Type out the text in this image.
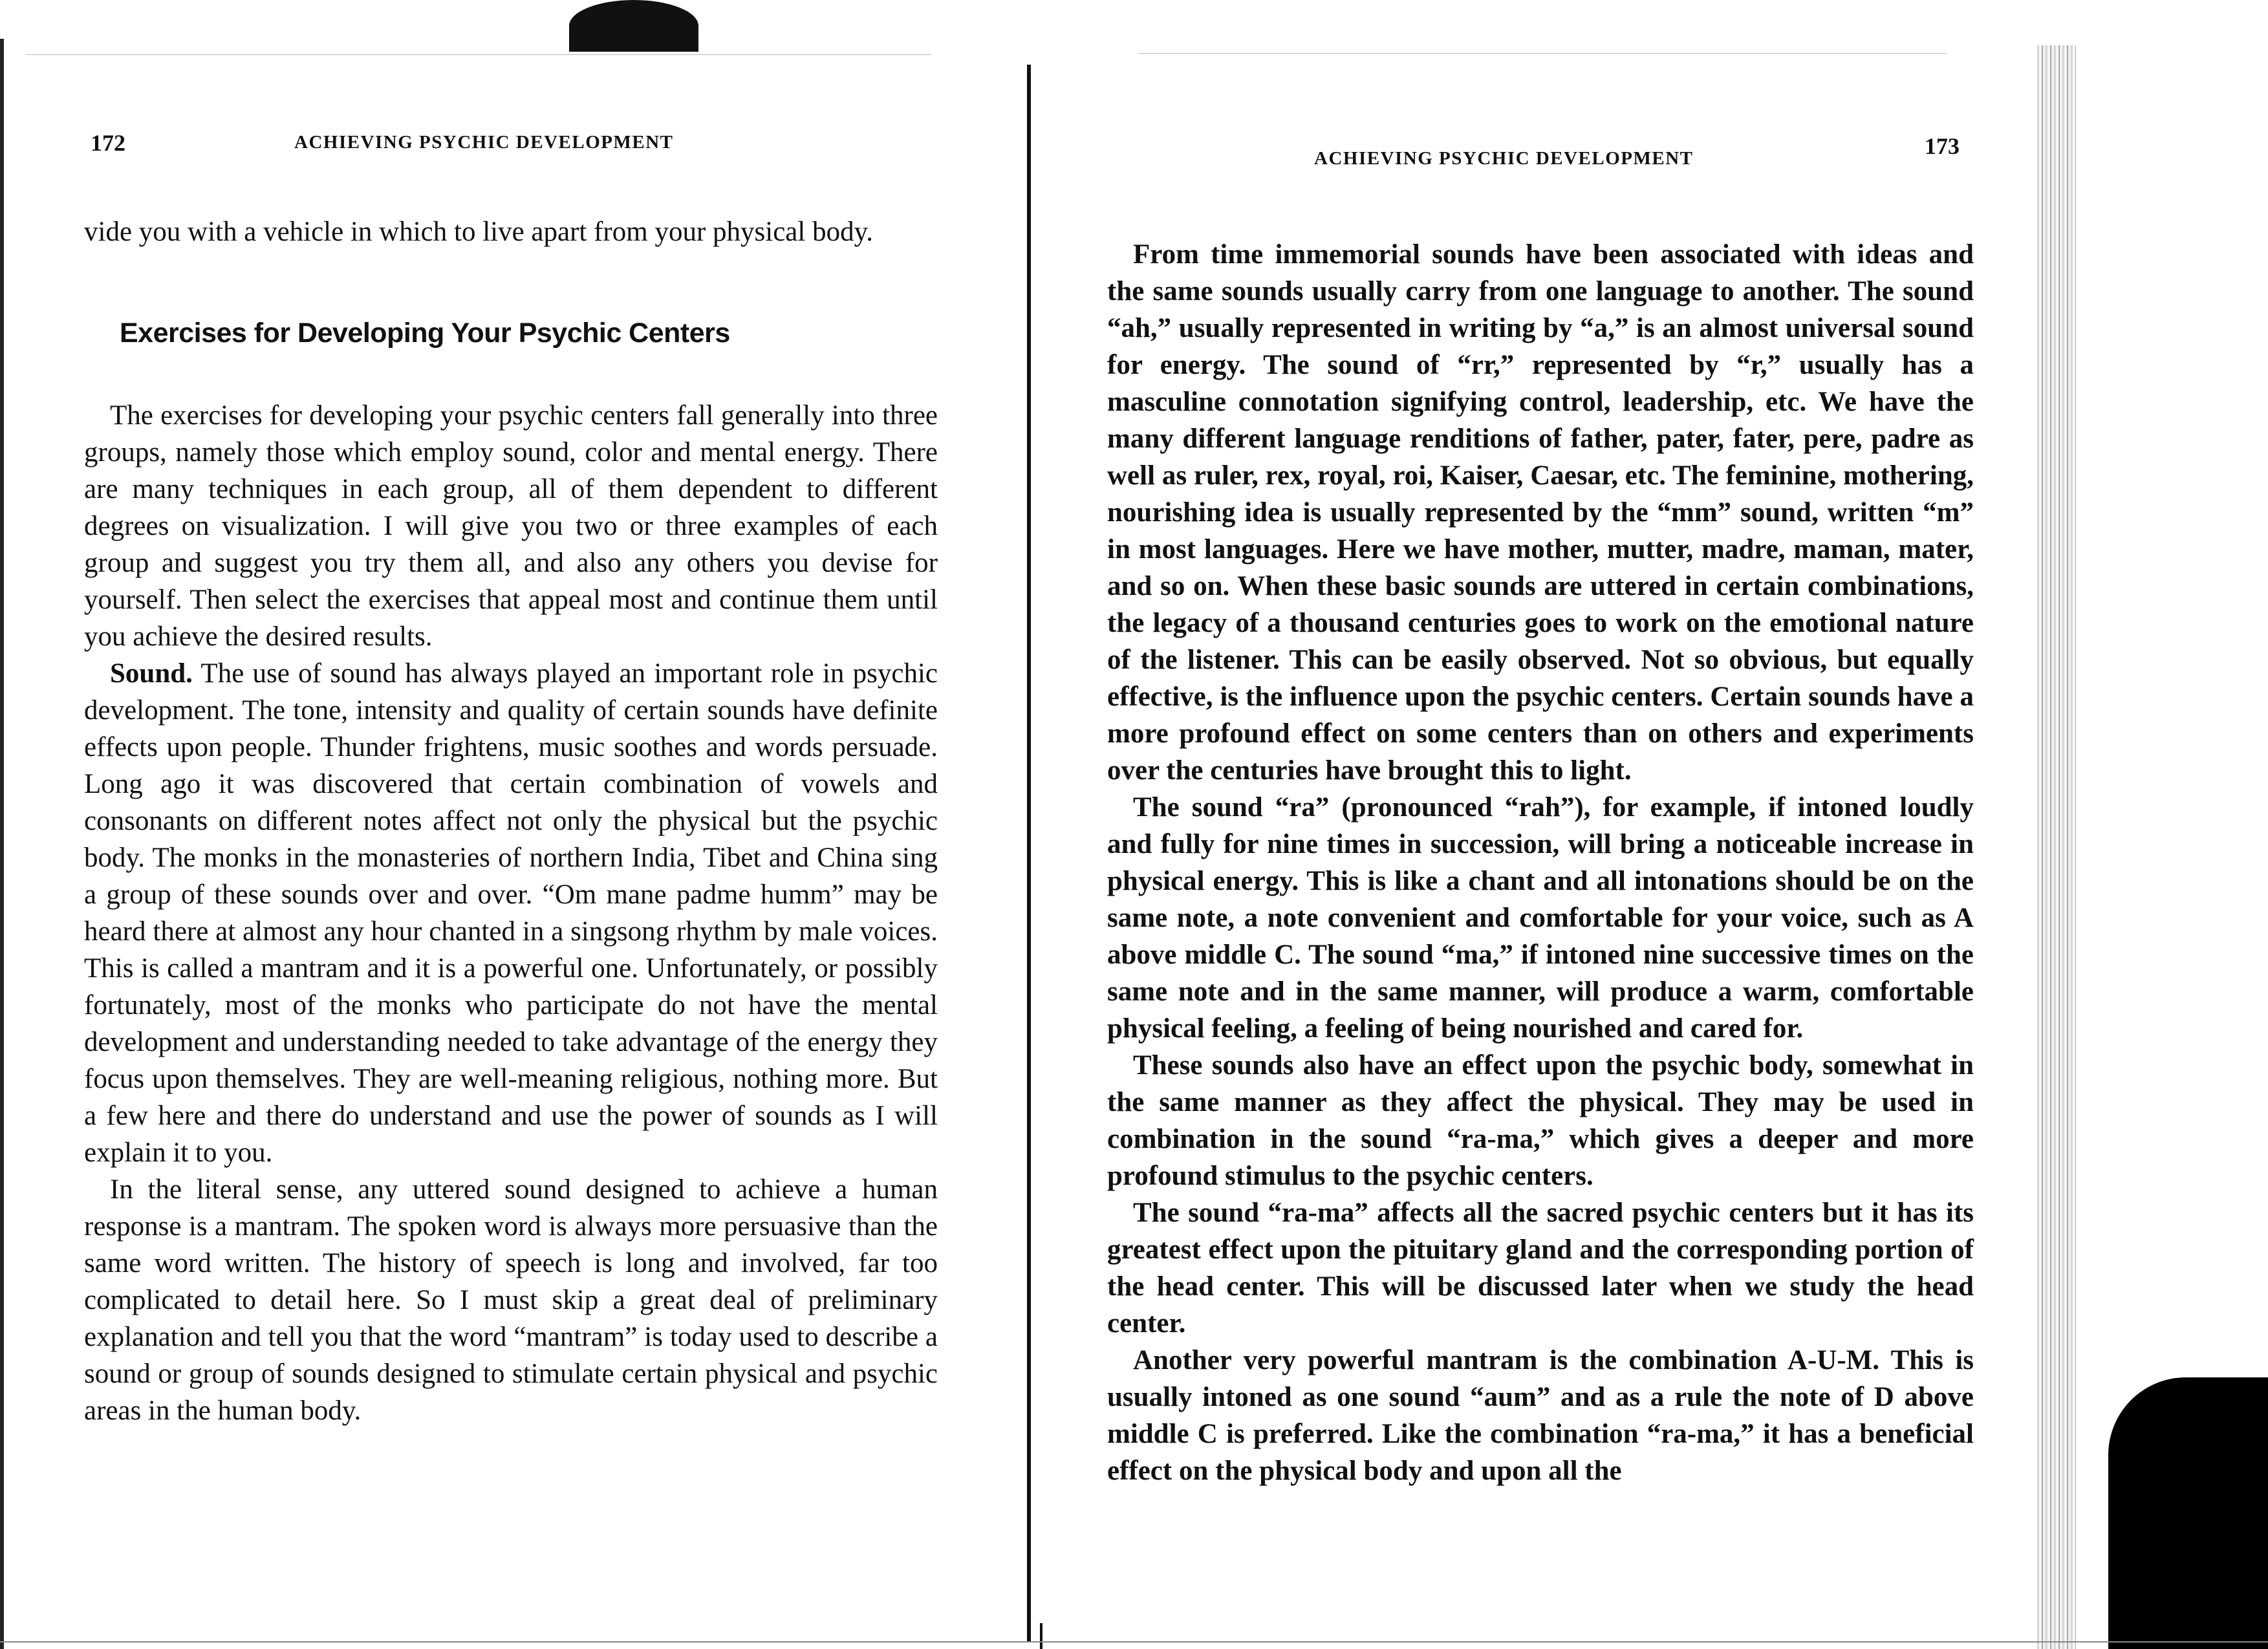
172	ACHIEVING PSYCHIC DEVELOPMENT

vide you with a vehicle in which to live apart from your physical body.

Exercises for Developing Your Psychic Centers

The exercises for developing your psychic centers fall generally into three groups, namely those which employ sound, color and mental energy. There are many techniques in each group, all of them dependent to different degrees on visualization. I will give you two or three examples of each group and suggest you try them all, and also any others you devise for yourself. Then select the exercises that appeal most and continue them until you achieve the desired results.

Sound. The use of sound has always played an important role in psychic development. The tone, intensity and quality of certain sounds have definite effects upon people. Thunder frightens, music soothes and words persuade. Long ago it was discovered that certain combination of vowels and consonants on different notes affect not only the physical but the psychic body. The monks in the monasteries of northern India, Tibet and China sing a group of these sounds over and over. “Om mane padme humm” may be heard there at almost any hour chanted in a singsong rhythm by male voices. This is called a mantram and it is a powerful one. Unfortunately, or possibly fortunately, most of the monks who participate do not have the mental development and understanding needed to take advantage of the energy they focus upon themselves. They are well-meaning religious, nothing more. But a few here and there do understand and use the power of sounds as I will explain it to you.

In the literal sense, any uttered sound designed to achieve a human response is a mantram. The spoken word is always more persuasive than the same word written. The history of speech is long and involved, far too complicated to detail here. So I must skip a great deal of preliminary explanation and tell you that the word “mantram” is today used to describe a sound or group of sounds designed to stimulate certain physical and psychic areas in the human body.

ACHIEVING PSYCHIC DEVELOPMENT	173

From time immemorial sounds have been associated with ideas and the same sounds usually carry from one language to another. The sound “ah,” usually represented in writing by “a,” is an almost universal sound for energy. The sound of “rr,” represented by “r,” usually has a masculine connotation signifying control, leadership, etc. We have the many different language renditions of father, pater, fater, pere, padre as well as ruler, rex, royal, roi, Kaiser, Caesar, etc. The feminine, mothering, nourishing idea is usually represented by the “mm” sound, written “m” in most languages. Here we have mother, mutter, madre, maman, mater, and so on. When these basic sounds are uttered in certain combinations, the legacy of a thousand centuries goes to work on the emotional nature of the listener. This can be easily observed. Not so obvious, but equally effective, is the influence upon the psychic centers. Certain sounds have a more profound effect on some centers than on others and experiments over the centuries have brought this to light.

The sound “ra” (pronounced “rah”), for example, if intoned loudly and fully for nine times in succession, will bring a noticeable increase in physical energy. This is like a chant and all intonations should be on the same note, a note convenient and comfortable for your voice, such as A above middle C. The sound “ma,” if intoned nine successive times on the same note and in the same manner, will produce a warm, comfortable physical feeling, a feeling of being nourished and cared for.

These sounds also have an effect upon the psychic body, somewhat in the same manner as they affect the physical. They may be used in combination in the sound “ra-ma,” which gives a deeper and more profound stimulus to the psychic centers.

The sound “ra-ma” affects all the sacred psychic centers but it has its greatest effect upon the pituitary gland and the corresponding portion of the head center. This will be discussed later when we study the head center.

Another very powerful mantram is the combination A-U-M. This is usually intoned as one sound “aum” and as a rule the note of D above middle C is preferred. Like the combination “ra-ma,” it has a beneficial effect on the physical body and upon all the
